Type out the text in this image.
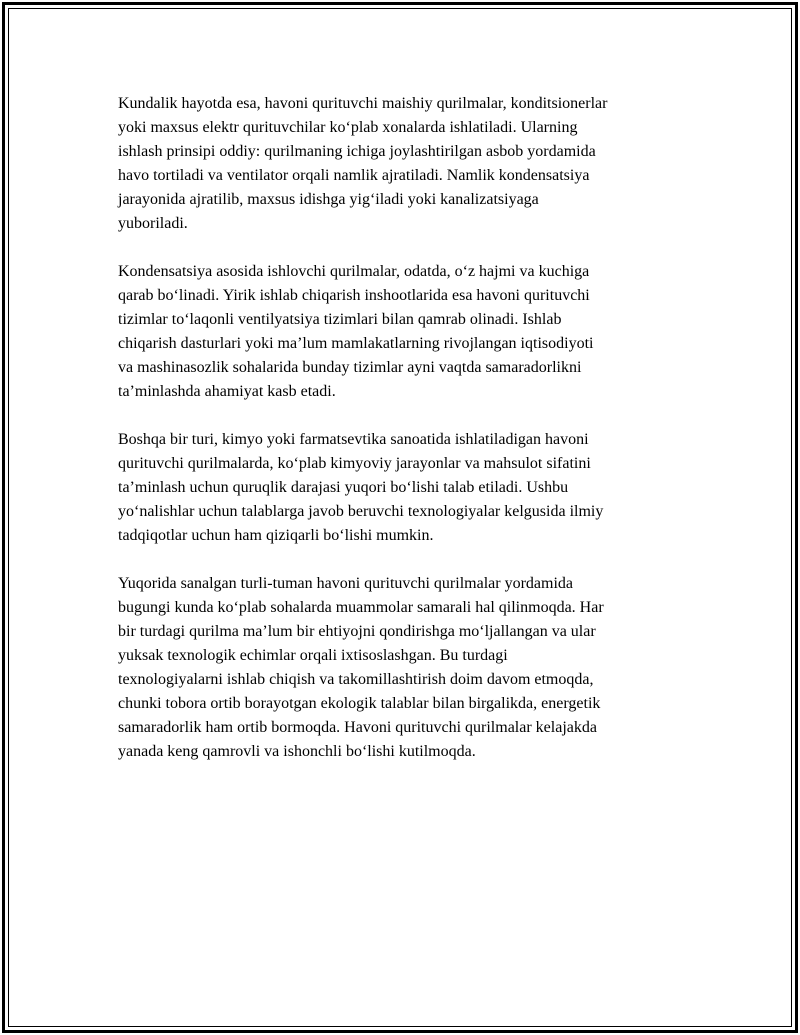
Kundalik hayotda esa, havoni qurituvchi maishiy qurilmalar, konditsionerlar
yoki maxsus elektr qurituvchilar ko‘plab xonalarda ishlatiladi. Ularning
ishlash prinsipi oddiy: qurilmaning ichiga joylashtirilgan asbob yordamida
havo tortiladi va ventilator orqali namlik ajratiladi. Namlik kondensatsiya
jarayonida ajratilib, maxsus idishga yig‘iladi yoki kanalizatsiyaga
yuboriladi.

Kondensatsiya asosida ishlovchi qurilmalar, odatda, o‘z hajmi va kuchiga
qarab bo‘linadi. Yirik ishlab chiqarish inshootlarida esa havoni qurituvchi
tizimlar to‘laqonli ventilyatsiya tizimlari bilan qamrab olinadi. Ishlab
chiqarish dasturlari yoki ma’lum mamlakatlarning rivojlangan iqtisodiyoti
va mashinasozlik sohalarida bunday tizimlar ayni vaqtda samaradorlikni
ta’minlashda ahamiyat kasb etadi.

Boshqa bir turi, kimyo yoki farmatsevtika sanoatida ishlatiladigan havoni
qurituvchi qurilmalarda, ko‘plab kimyoviy jarayonlar va mahsulot sifatini
ta’minlash uchun quruqlik darajasi yuqori bo‘lishi talab etiladi. Ushbu
yo‘nalishlar uchun talablarga javob beruvchi texnologiyalar kelgusida ilmiy
tadqiqotlar uchun ham qiziqarli bo‘lishi mumkin.

Yuqorida sanalgan turli-tuman havoni qurituvchi qurilmalar yordamida
bugungi kunda ko‘plab sohalarda muammolar samarali hal qilinmoqda. Har
bir turdagi qurilma ma’lum bir ehtiyojni qondirishga mo‘ljallangan va ular
yuksak texnologik echimlar orqali ixtisoslashgan. Bu turdagi
texnologiyalarni ishlab chiqish va takomillashtirish doim davom etmoqda,
chunki tobora ortib borayotgan ekologik talablar bilan birgalikda, energetik
samaradorlik ham ortib bormoqda. Havoni qurituvchi qurilmalar kelajakda
yanada keng qamrovli va ishonchli bo‘lishi kutilmoqda.
